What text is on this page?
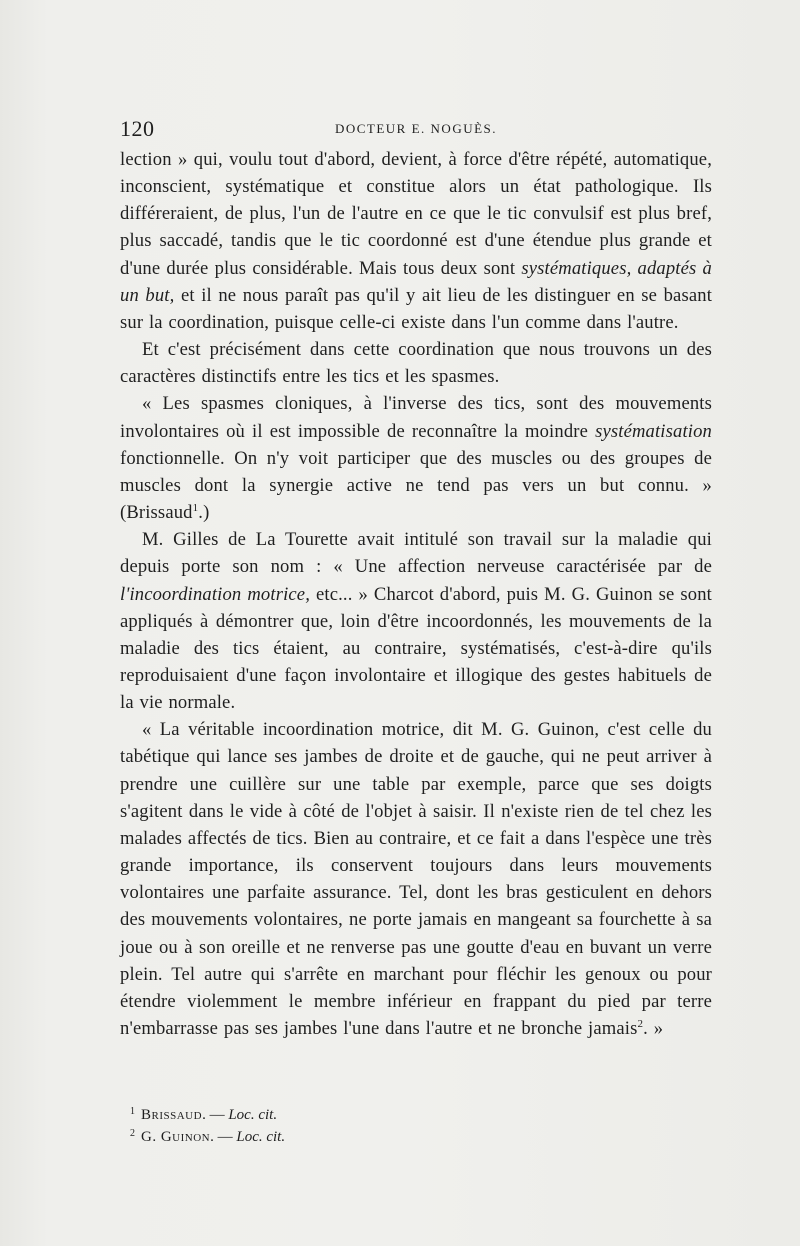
120	DOCTEUR E. NOGUÈS.

lection » qui, voulu tout d'abord, devient, à force d'être répété, automatique, inconscient, systématique et constitue alors un état pathologique. Ils différeraient, de plus, l'un de l'autre en ce que le tic convulsif est plus bref, plus saccadé, tandis que le tic coordonné est d'une étendue plus grande et d'une durée plus considérable. Mais tous deux sont systématiques, adaptés à un but, et il ne nous paraît pas qu'il y ait lieu de les distinguer en se basant sur la coordination, puisque celle-ci existe dans l'un comme dans l'autre.

Et c'est précisément dans cette coordination que nous trouvons un des caractères distinctifs entre les tics et les spasmes.

« Les spasmes cloniques, à l'inverse des tics, sont des mouvements involontaires où il est impossible de reconnaître la moindre systématisation fonctionnelle. On n'y voit participer que des muscles ou des groupes de muscles dont la synergie active ne tend pas vers un but connu. » (Brissaud$^1$.)

M. Gilles de La Tourette avait intitulé son travail sur la maladie qui depuis porte son nom : « Une affection nerveuse caractérisée par de l'incoordination motrice, etc... » Charcot d'abord, puis M. G. Guinon se sont appliqués à démontrer que, loin d'être incoordonnés, les mouvements de la maladie des tics étaient, au contraire, systématisés, c'est-à-dire qu'ils reproduisaient d'une façon involontaire et illogique des gestes habituels de la vie normale.

« La véritable incoordination motrice, dit M. G. Guinon, c'est celle du tabétique qui lance ses jambes de droite et de gauche, qui ne peut arriver à prendre une cuillère sur une table par exemple, parce que ses doigts s'agitent dans le vide à côté de l'objet à saisir. Il n'existe rien de tel chez les malades affectés de tics. Bien au contraire, et ce fait a dans l'espèce une très grande importance, ils conservent toujours dans leurs mouvements volontaires une parfaite assurance. Tel, dont les bras gesticulent en dehors des mouvements volontaires, ne porte jamais en mangeant sa fourchette à sa joue ou à son oreille et ne renverse pas une goutte d'eau en buvant un verre plein. Tel autre qui s'arrête en marchant pour fléchir les genoux ou pour étendre violemment le membre inférieur en frappant du pied par terre n'embarrasse pas ses jambes l'une dans l'autre et ne bronche jamais$^2$. »

$^1$ Brissaud. — Loc. cit.
$^2$ G. Guinon. — Loc. cit.
